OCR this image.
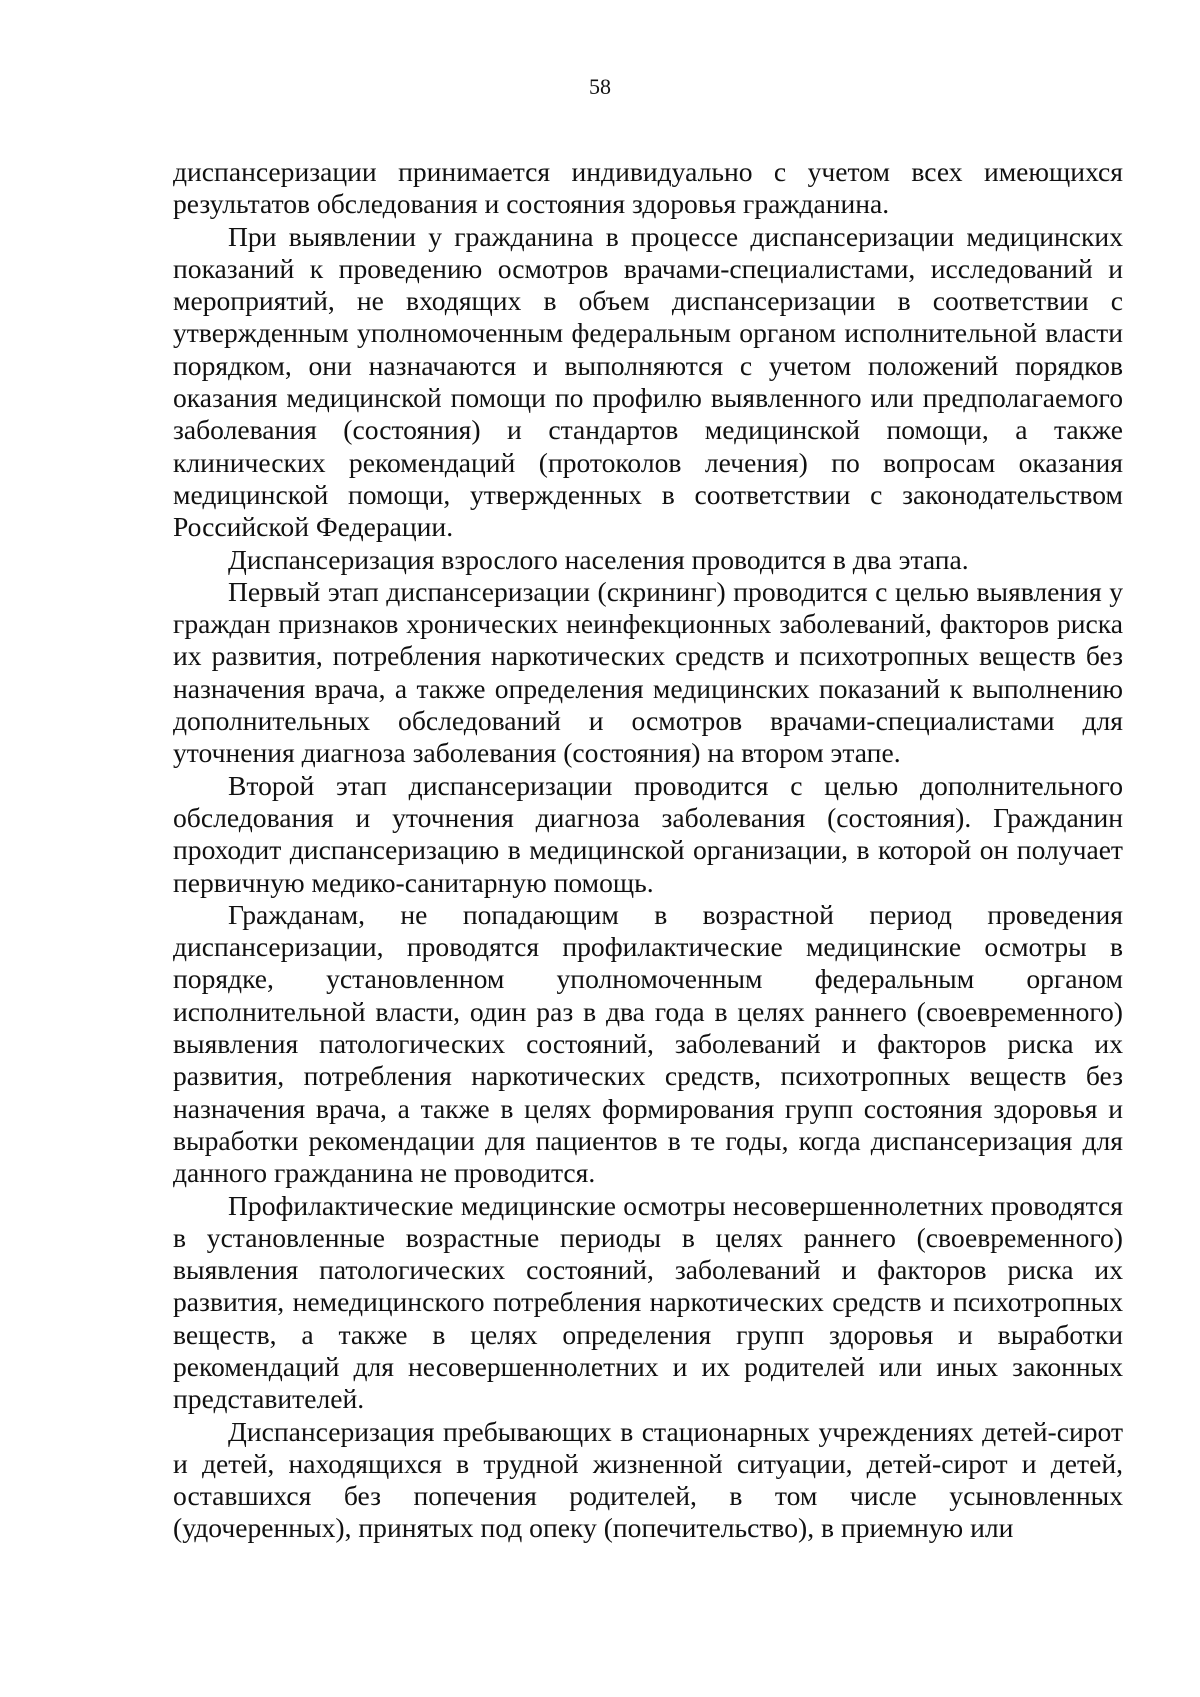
58

диспансеризации принимается индивидуально с учетом всех имеющихся результатов обследования и состояния здоровья гражданина.

При выявлении у гражданина в процессе диспансеризации медицинских показаний к проведению осмотров врачами-специалистами, исследований и мероприятий, не входящих в объем диспансеризации в соответствии с утвержденным уполномоченным федеральным органом исполнительной власти порядком, они назначаются и выполняются с учетом положений порядков оказания медицинской помощи по профилю выявленного или предполагаемого заболевания (состояния) и стандартов медицинской помощи, а также клинических рекомендаций (протоколов лечения) по вопросам оказания медицинской помощи, утвержденных в соответствии с законодательством Российской Федерации.

Диспансеризация взрослого населения проводится в два этапа.

Первый этап диспансеризации (скрининг) проводится с целью выявления у граждан признаков хронических неинфекционных заболеваний, факторов риска их развития, потребления наркотических средств и психотропных веществ без назначения врача, а также определения медицинских показаний к выполнению дополнительных обследований и осмотров врачами-специалистами для уточнения диагноза заболевания (состояния) на втором этапе.

Второй этап диспансеризации проводится с целью дополнительного обследования и уточнения диагноза заболевания (состояния). Гражданин проходит диспансеризацию в медицинской организации, в которой он получает первичную медико-санитарную помощь.

Гражданам, не попадающим в возрастной период проведения диспансеризации, проводятся профилактические медицинские осмотры в порядке, установленном уполномоченным федеральным органом исполнительной власти, один раз в два года в целях раннего (своевременного) выявления патологических состояний, заболеваний и факторов риска их развития, потребления наркотических средств, психотропных веществ без назначения врача, а также в целях формирования групп состояния здоровья и выработки рекомендации для пациентов в те годы, когда диспансеризация для данного гражданина не проводится.

Профилактические медицинские осмотры несовершеннолетних проводятся в установленные возрастные периоды в целях раннего (своевременного) выявления патологических состояний, заболеваний и факторов риска их развития, немедицинского потребления наркотических средств и психотропных веществ, а также в целях определения групп здоровья и выработки рекомендаций для несовершеннолетних и их родителей или иных законных представителей.

Диспансеризация пребывающих в стационарных учреждениях детей-сирот и детей, находящихся в трудной жизненной ситуации, детей-сирот и детей, оставшихся без попечения родителей, в том числе усыновленных (удочеренных), принятых под опеку (попечительство), в приемную или
